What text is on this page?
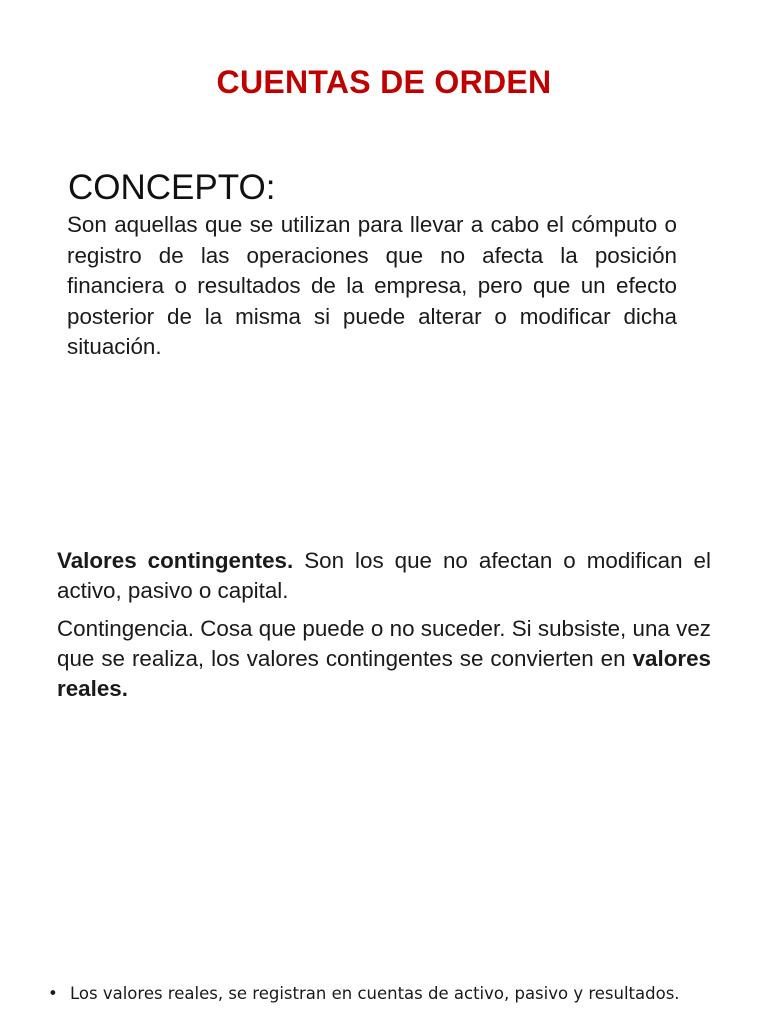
CUENTAS DE ORDEN
CONCEPTO:
Son aquellas que se utilizan para llevar a cabo el cómputo o registro de las operaciones que no afecta la posición financiera o resultados de la empresa, pero que un efecto posterior de la misma si puede alterar o modificar dicha situación.

Valores contingentes. Son los que no afectan o modifican el activo, pasivo o capital.

Contingencia. Cosa que puede o no suceder. Si subsiste, una vez que se realiza, los valores contingentes se convierten en valores reales.

• Los valores reales, se registran en cuentas de activo, pasivo y resultados.
